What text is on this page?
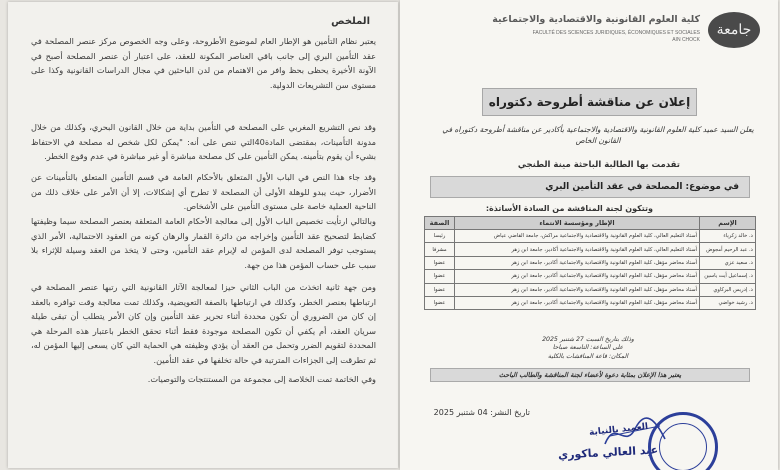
الملخص

يعتبر نظام التأمين هو الإطار العام لموضوع الأطروحة، وعلى وجه الخصوص مركز عنصر المصلحة في عقد التأمين البري إلى جانب باقي العناصر المكونة للعقد، على اعتبار أن عنصر المصلحة أصبح في الآونة الأخيرة يحظى بحظ وافر من الاهتمام من لدن الباحثين في مجال الدراسات القانونية وكذا على مستوى سن التشريعات الدولية.

وقد نص التشريع المغربي على المصلحة في التأمين بداية من خلال القانون البحري، وكذلك من خلال مدونة التأمينات، بمقتضى المادة40التي تنص على أنه: "يمكن لكل شخص له مصلحة في الاحتفاظ بشيء أن يقوم بتأمينه. يمكن التأمين على كل مصلحة مباشرة أو غير مباشرة في عدم وقوع الخطر.

وقد جاء هذا النص في الباب الأول المتعلق بالأحكام العامة في قسم التأمين المتعلق بالتأمينات عن الأضرار، حيث يبدو للوهلة الأولى أن المصلحة لا تطرح أي إشكالات، إلا أن الأمر على خلاف ذلك من الناحية العملية خاصة على مستوى التأمين على الأشخاص.

وبالتالي ارتأيت تخصيص الباب الأول إلى معالجة الأحكام العامة المتعلقة بعنصر المصلحة سيما وظيفتها كضابط لتصحيح عقد التأمين وإخراجه من دائرة القمار والرهان كونه من العقود الاحتمالية، الأمر الذي يستوجب توفر المصلحة لدى المؤمن له لإبرام عقد التأمين، وحتى لا يتخذ من العقد وسيلة للإثراء بلا سبب على حساب المؤمن هذا من جهة.

ومن جهة ثانية اتخذت من الباب الثاني حيزا لمعالجة الآثار القانونية التي رتبها عنصر المصلحة في ارتباطها بعنصر الخطر، وكذلك في ارتباطها بالصفة التعويضية، وكذلك تمت معالجة وقت توافره بالعقد إن كان من الضروري أن تكون محددة أثناء تحرير عقد التأمين وإن كان الأمر يتطلب أن تبقى طيلة سريان العقد، أم يكفي أن تكون المصلحة موجودة فقط أثناء تحقق الخطر باعتبار هذه المرحلة هي المحددة لتقويم الضرر وتحمل من العقد أن يؤدي وظيفته هي الحماية التي كان يسعى إليها المؤمن له، ثم تطرقت إلى الجزاءات المترتبة في حالة تخلفها في عقد التأمين.

وفي الخاتمة تمت الخلاصة إلى مجموعة من المستنتجات والتوصيات.

جامعة
كلية العلوم القانونية والاقتصادية والاجتماعية
FACULTÉ DES SCIENCES JURIDIQUES, ÉCONOMIQUES ET SOCIALES
AIN CHOCK
إعلان عن مناقشة أطروحة دكتوراه
يعلن السيد عميد كلية العلوم القانونية والاقتصادية والاجتماعية بأكادير عن مناقشة أطروحة دكتوراه في القانون الخاص
تقدمت بها الطالبة الباحثة مينة الطنجي
في موضوع: المصلحة في عقد التأمين البري
وتتكون لجنة المناقشة من السادة الأساتذة:
الإسم	الإطار ومؤسسة الانتماء	الصفة
ذ. خالد زكرياء	أستاذ التعليم العالي، كلية العلوم القانونية والاقتصادية والاجتماعية مراكش، جامعة القاضي عياض	رئيسا
ذ. عبد الرحيم أمجوض	أستاذ التعليم العالي، كلية العلوم القانونية والاقتصادية والاجتماعية أكادير، جامعة ابن زهر	مشرفا
ذ. سعيد عزي	أستاذ محاضر مؤهل، كلية العلوم القانونية والاقتصادية والاجتماعية أكادير، جامعة ابن زهر	عضوا
ذ. إسماعيل أيت ياسين	أستاذ محاضر مؤهل، كلية العلوم القانونية والاقتصادية والاجتماعية أكادير، جامعة ابن زهر	عضوا
ذ. إدريس البركاوي	أستاذ محاضر مؤهل، كلية العلوم القانونية والاقتصادية والاجتماعية أكادير، جامعة ابن زهر	عضوا
ذ. رشيد خواضي	أستاذ محاضر مؤهل، كلية العلوم القانونية والاقتصادية والاجتماعية أكادير، جامعة ابن زهر	عضوا
وذلك بتاريخ السبت 27 شتنبر 2025
على الساعة: التاسعة صباحا
المكان: قاعة المناقشات بالكلية
يعتبر هذا الإعلان بمثابة دعوة لأعضاء لجنة المناقشة والطالب الباحث
تاريخ النشر: 04 شتنبر 2025
العميد بالنيابة
عبد العالي ماكوري
